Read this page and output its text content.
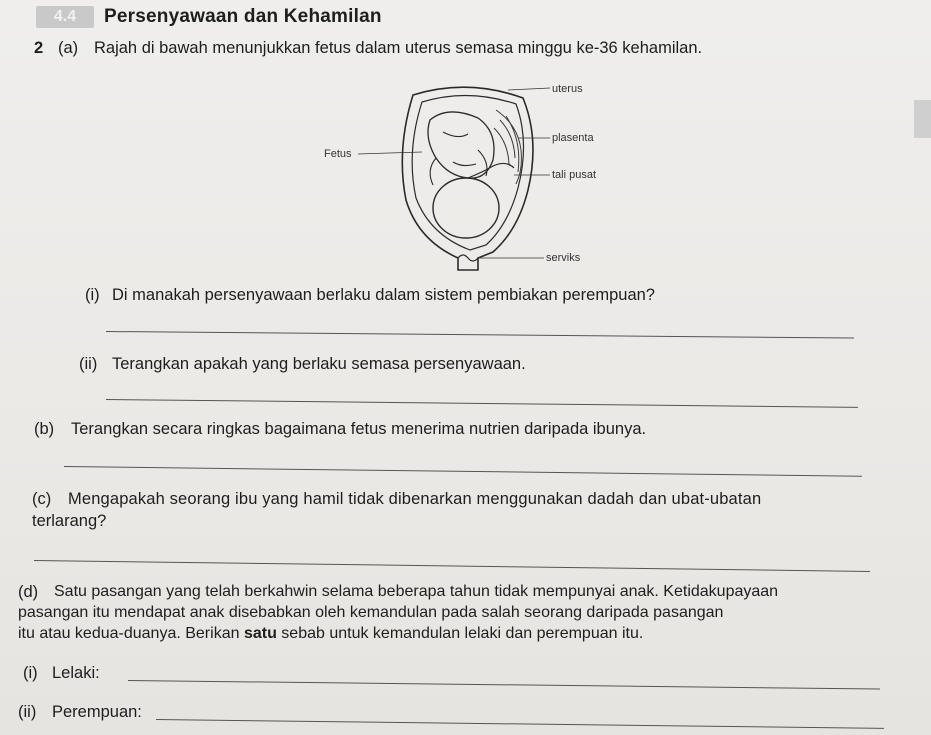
4.4	Persenyawaan dan Kehamilan
2 (a) Rajah di bawah menunjukkan fetus dalam uterus semasa minggu ke-36 kehamilan.
uterus
Fetus
plasenta
tali pusat
serviks
(i) Di manakah persenyawaan berlaku dalam sistem pembiakan perempuan?
(ii) Terangkan apakah yang berlaku semasa persenyawaan.
(b) Terangkan secara ringkas bagaimana fetus menerima nutrien daripada ibunya.
(c) Mengapakah seorang ibu yang hamil tidak dibenarkan menggunakan dadah dan ubat-ubatan
terlarang?
(d) Satu pasangan yang telah berkahwin selama beberapa tahun tidak mempunyai anak. Ketidakupayaan
pasangan itu mendapat anak disebabkan oleh kemandulan pada salah seorang daripada pasangan
itu atau kedua-duanya. Berikan satu sebab untuk kemandulan lelaki dan perempuan itu.
(i) Lelaki:
(ii) Perempuan:
